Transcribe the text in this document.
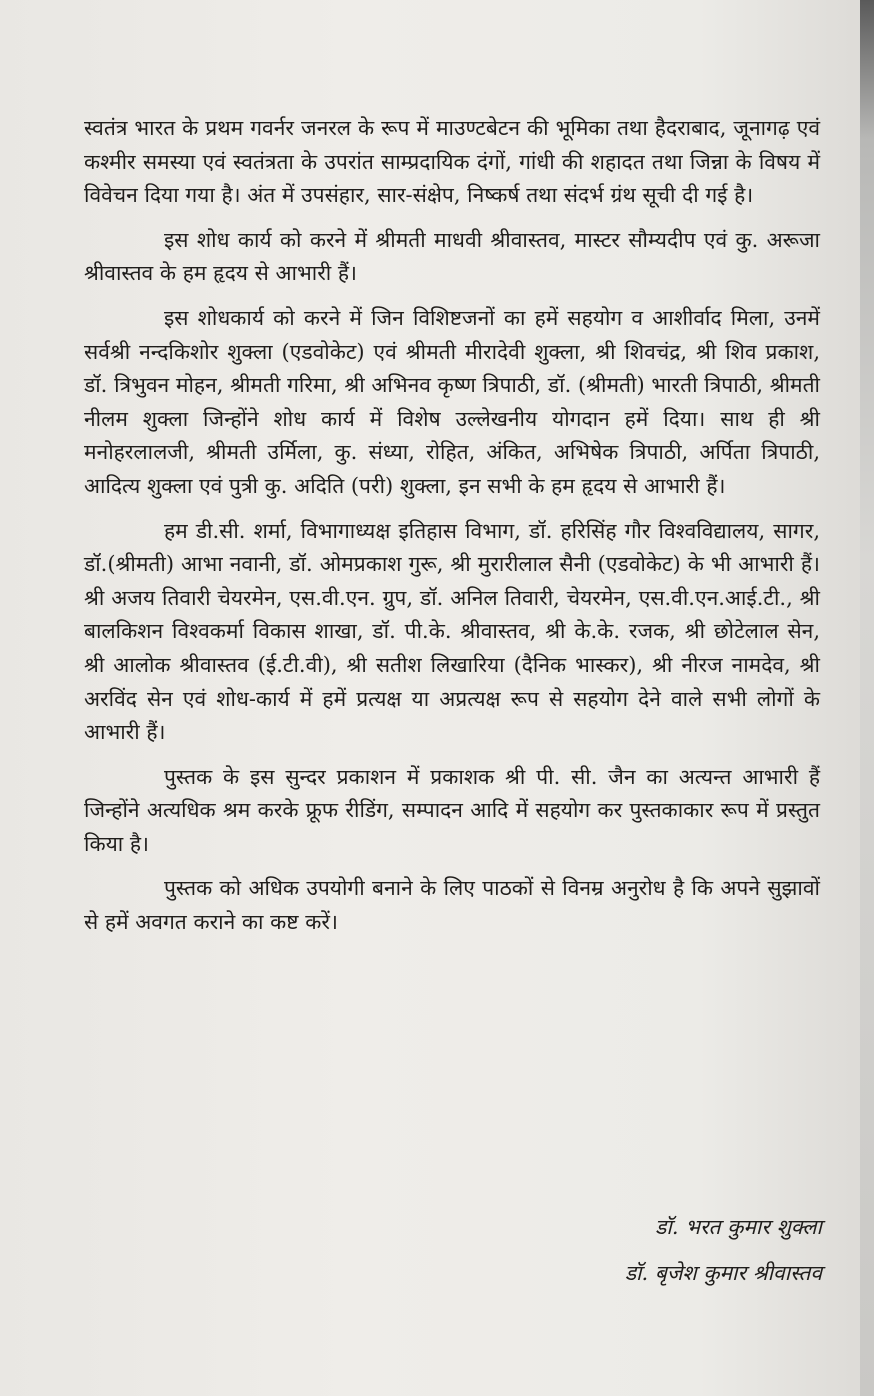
स्वतंत्र भारत के प्रथम गवर्नर जनरल के रूप में माउण्टबेटन की भूमिका तथा हैदराबाद, जूनागढ़ एवं कश्मीर समस्या एवं स्वतंत्रता के उपरांत साम्प्रदायिक दंगों, गांधी की शहादत तथा जिन्ना के विषय में विवेचन दिया गया है। अंत में उपसंहार, सार-संक्षेप, निष्कर्ष तथा संदर्भ ग्रंथ सूची दी गई है।

इस शोध कार्य को करने में श्रीमती माधवी श्रीवास्तव, मास्टर सौम्यदीप एवं कु. अरूजा श्रीवास्तव के हम हृदय से आभारी हैं।

इस शोधकार्य को करने में जिन विशिष्टजनों का हमें सहयोग व आशीर्वाद मिला, उनमें सर्वश्री नन्दकिशोर शुक्ला (एडवोकेट) एवं श्रीमती मीरादेवी शुक्ला, श्री शिवचंद्र, श्री शिव प्रकाश, डॉ. त्रिभुवन मोहन, श्रीमती गरिमा, श्री अभिनव कृष्ण त्रिपाठी, डॉ. (श्रीमती) भारती त्रिपाठी, श्रीमती नीलम शुक्ला जिन्होंने शोध कार्य में विशेष उल्लेखनीय योगदान हमें दिया। साथ ही श्री मनोहरलालजी, श्रीमती उर्मिला, कु. संध्या, रोहित, अंकित, अभिषेक त्रिपाठी, अर्पिता त्रिपाठी, आदित्य शुक्ला एवं पुत्री कु. अदिति (परी) शुक्ला, इन सभी के हम हृदय से आभारी हैं।

हम डी.सी. शर्मा, विभागाध्यक्ष इतिहास विभाग, डॉ. हरिसिंह गौर विश्वविद्यालय, सागर, डॉ.(श्रीमती) आभा नवानी, डॉ. ओमप्रकाश गुरू, श्री मुरारीलाल सैनी (एडवोकेट) के भी आभारी हैं। श्री अजय तिवारी चेयरमेन, एस.वी.एन. ग्रुप, डॉ. अनिल तिवारी, चेयरमेन, एस.वी.एन.आई.टी., श्री बालकिशन विश्वकर्मा विकास शाखा, डॉ. पी.के. श्रीवास्तव, श्री के.के. रजक, श्री छोटेलाल सेन, श्री आलोक श्रीवास्तव (ई.टी.वी), श्री सतीश लिखारिया (दैनिक भास्कर), श्री नीरज नामदेव, श्री अरविंद सेन एवं शोध-कार्य में हमें प्रत्यक्ष या अप्रत्यक्ष रूप से सहयोग देने वाले सभी लोगों के आभारी हैं।

पुस्तक के इस सुन्दर प्रकाशन में प्रकाशक श्री पी. सी. जैन का अत्यन्त आभारी हैं जिन्होंने अत्यधिक श्रम करके फ्रूफ रीडिंग, सम्पादन आदि में सहयोग कर पुस्तकाकार रूप में प्रस्तुत किया है।

पुस्तक को अधिक उपयोगी बनाने के लिए पाठकों से विनम्र अनुरोध है कि अपने सुझावों से हमें अवगत कराने का कष्ट करें।

डॉ. भरत कुमार शुक्ला
डॉ. बृजेश कुमार श्रीवास्तव
